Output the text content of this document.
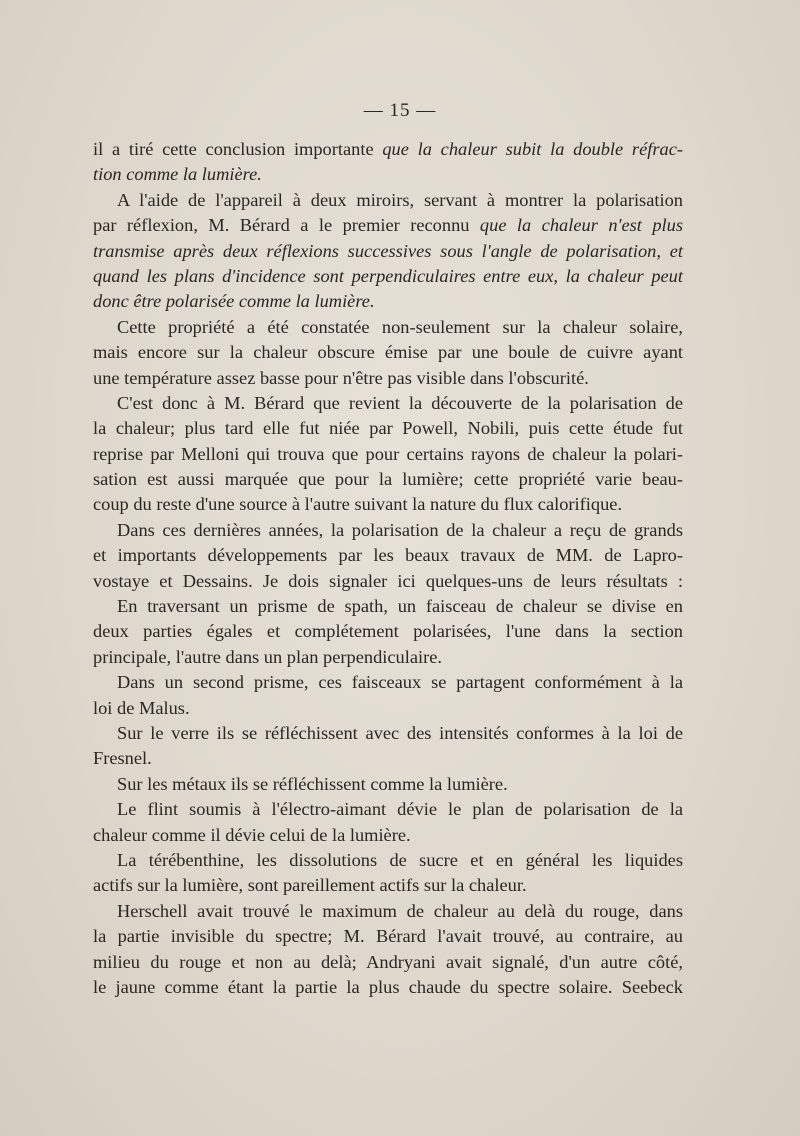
— 15 —
il a tiré cette conclusion importante que la chaleur subit la double réfrac-
tion comme la lumière.
A l'aide de l'appareil à deux miroirs, servant à montrer la polarisation
par réflexion, M. Bérard a le premier reconnu que la chaleur n'est plus
transmise après deux réflexions successives sous l'angle de polarisation, et
quand les plans d'incidence sont perpendiculaires entre eux, la chaleur peut
donc être polarisée comme la lumière.
Cette propriété a été constatée non-seulement sur la chaleur solaire,
mais encore sur la chaleur obscure émise par une boule de cuivre ayant
une température assez basse pour n'être pas visible dans l'obscurité.
C'est donc à M. Bérard que revient la découverte de la polarisation de
la chaleur; plus tard elle fut niée par Powell, Nobili, puis cette étude fut
reprise par Melloni qui trouva que pour certains rayons de chaleur la polari-
sation est aussi marquée que pour la lumière; cette propriété varie beau-
coup du reste d'une source à l'autre suivant la nature du flux calorifique.
Dans ces dernières années, la polarisation de la chaleur a reçu de grands
et importants développements par les beaux travaux de MM. de Lapro-
vostaye et Dessains. Je dois signaler ici quelques-uns de leurs résultats :
En traversant un prisme de spath, un faisceau de chaleur se divise en
deux parties égales et complétement polarisées, l'une dans la section
principale, l'autre dans un plan perpendiculaire.
Dans un second prisme, ces faisceaux se partagent conformément à la
loi de Malus.
Sur le verre ils se réfléchissent avec des intensités conformes à la loi de
Fresnel.
Sur les métaux ils se réfléchissent comme la lumière.
Le flint soumis à l'électro-aimant dévie le plan de polarisation de la
chaleur comme il dévie celui de la lumière.
La térébenthine, les dissolutions de sucre et en général les liquides
actifs sur la lumière, sont pareillement actifs sur la chaleur.
Herschell avait trouvé le maximum de chaleur au delà du rouge, dans
la partie invisible du spectre; M. Bérard l'avait trouvé, au contraire, au
milieu du rouge et non au delà; Andryani avait signalé, d'un autre côté,
le jaune comme étant la partie la plus chaude du spectre solaire. Seebeck
